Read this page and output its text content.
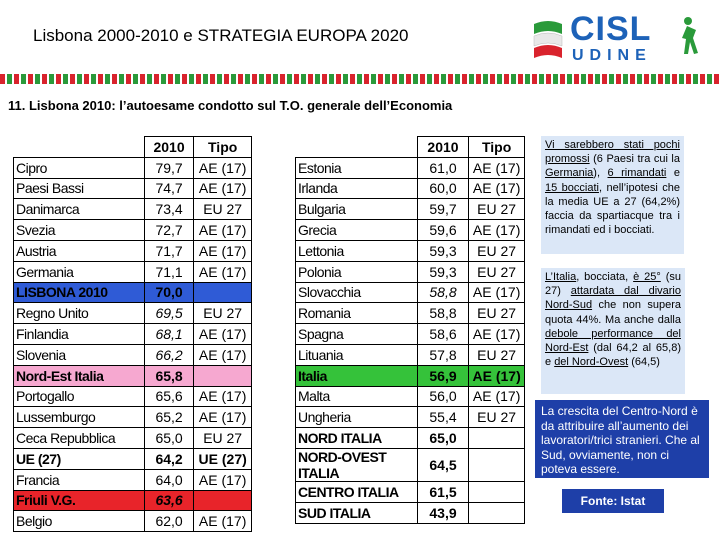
Lisbona 2000-2010 e STRATEGIA EUROPA 2020	CISL
UDINE
11. Lisbona 2010: l’autoesame condotto sul T.O. generale dell’Economia
	2010	Tipo
Cipro	79,7	AE (17)
Paesi Bassi	74,7	AE (17)
Danimarca	73,4	EU 27
Svezia	72,7	AE (17)
Austria	71,7	AE (17)
Germania	71,1	AE (17)
LISBONA 2010	70,0	
Regno Unito	69,5	EU 27
Finlandia	68,1	AE (17)
Slovenia	66,2	AE (17)
Nord-Est Italia	65,8	
Portogallo	65,6	AE (17)
Lussemburgo	65,2	AE (17)
Ceca Repubblica	65,0	EU 27
UE (27)	64,2	UE (27)
Francia	64,0	AE (17)
Friuli V.G.	63,6	
Belgio	62,0	AE (17)
	2010	Tipo
Estonia	61,0	AE (17)
Irlanda	60,0	AE (17)
Bulgaria	59,7	EU 27
Grecia	59,6	AE (17)
Lettonia	59,3	EU 27
Polonia	59,3	EU 27
Slovacchia	58,8	AE (17)
Romania	58,8	EU 27
Spagna	58,6	AE (17)
Lituania	57,8	EU 27
Italia	56,9	AE (17)
Malta	56,0	AE (17)
Ungheria	55,4	EU 27
NORD ITALIA	65,0	
NORD-OVEST ITALIA	64,5	
CENTRO ITALIA	61,5	
SUD ITALIA	43,9	
Vi sarebbero stati pochi promossi (6 Paesi tra cui la Germania), 6 rimandati e 15 bocciati, nell’ipotesi che la media UE a 27 (64,2%) faccia da spartiacque tra i rimandati ed i bocciati.
L’Italia, bocciata, è 25° (su 27) attardata dal divario Nord-Sud che non supera quota 44%. Ma anche dalla debole performance del Nord-Est (dal 64,2 al 65,8) e del Nord-Ovest (64,5)
La crescita del Centro-Nord è da attribuire all’aumento dei lavoratori/trici stranieri. Che al Sud, ovviamente, non ci poteva essere.
Fonte: Istat
